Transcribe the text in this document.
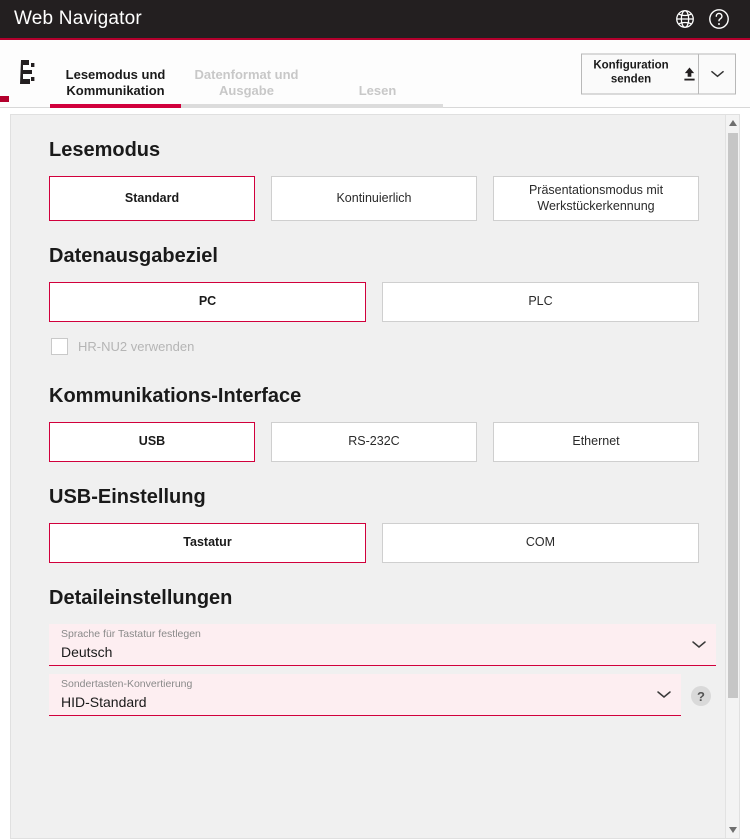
Web Navigator
Lesemodus und Kommunikation
Datenformat und Ausgabe	Lesen
Konfiguration senden
Lesemodus
Standard	Kontinuierlich
Präsentationsmodus mit Werkstückerkennung
Datenausgabeziel
PC	PLC
HR-NU2 verwenden
Kommunikations-Interface
USB	RS-232C	Ethernet
USB-Einstellung
Tastatur	COM
Detaileinstellungen
Sprache für Tastatur festlegen
Deutsch
Sondertasten-Konvertierung
HID-Standard	?
